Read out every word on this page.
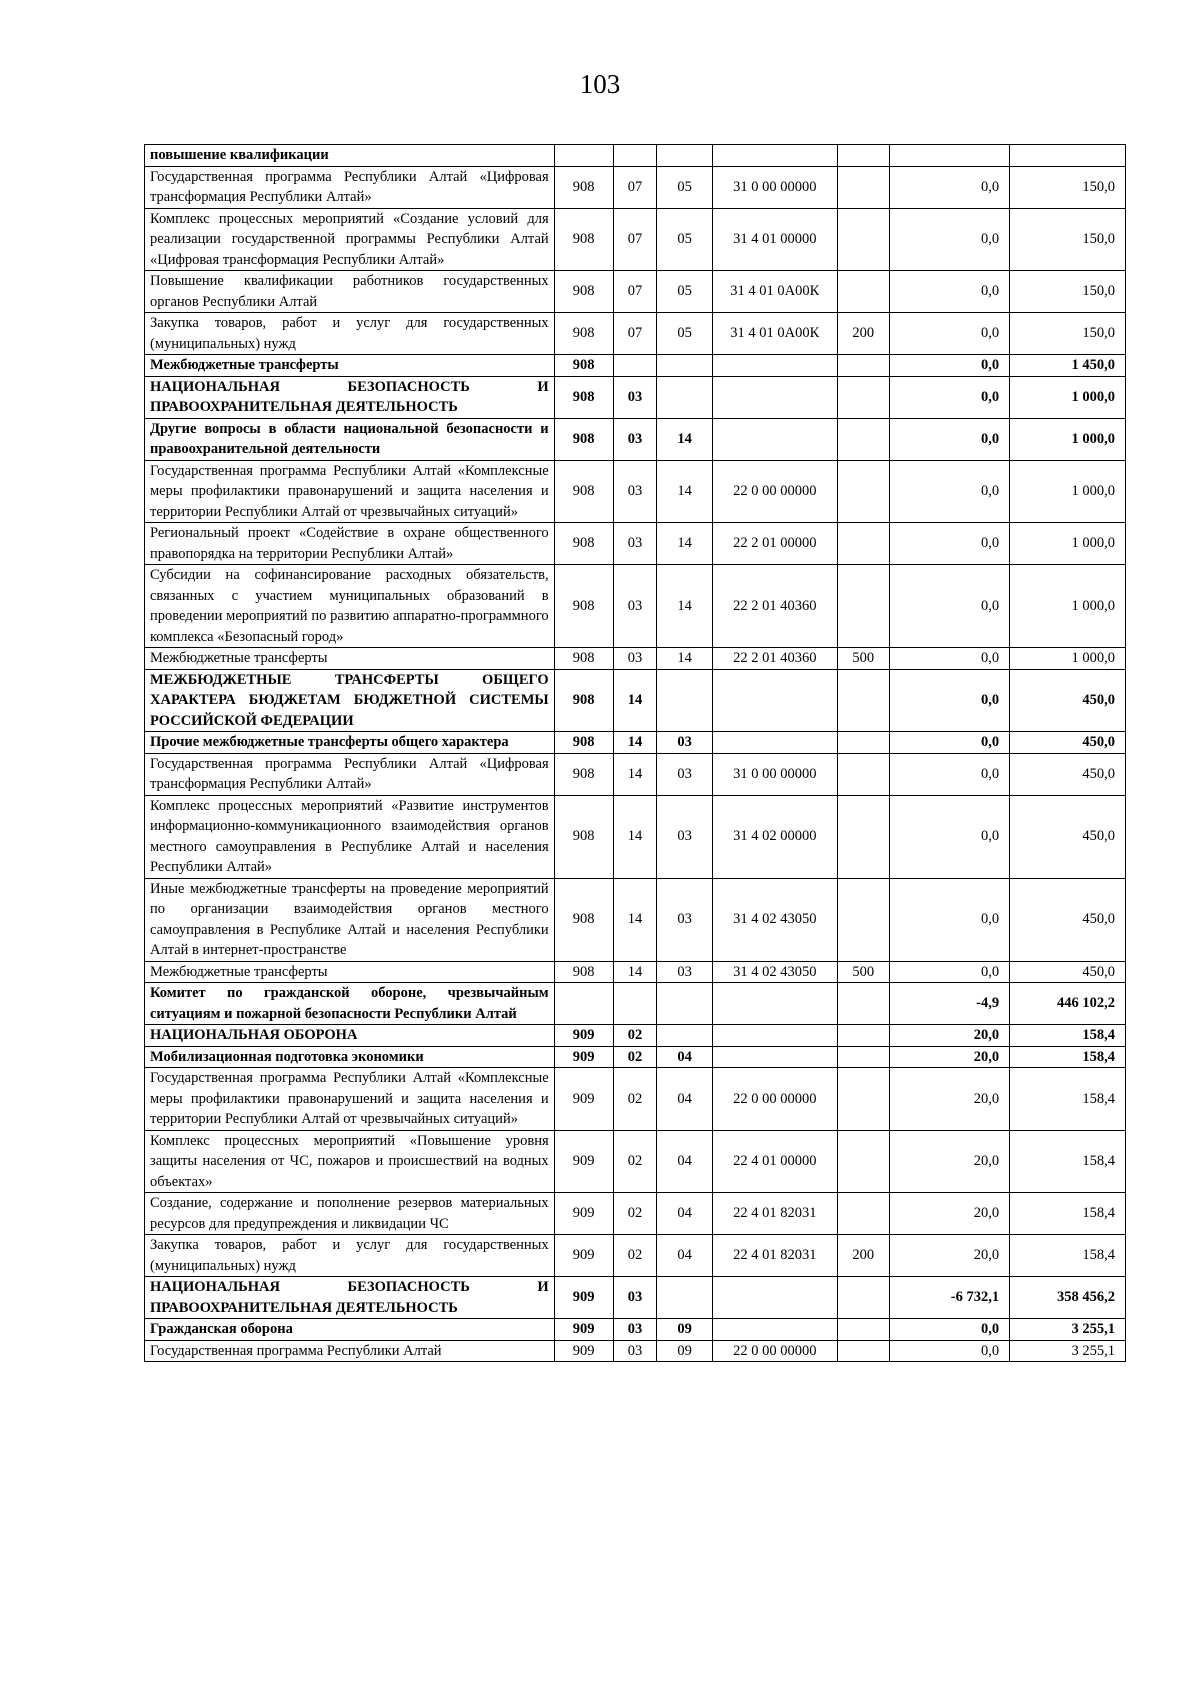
103
повышение квалификации							
Государственная программа Республики Алтай «Цифровая трансформация Республики Алтай»	908	07	05	31 0 00 00000		0,0	150,0
Комплекс процессных мероприятий «Создание условий для реализации государственной программы Республики Алтай «Цифровая трансформация Республики Алтай»	908	07	05	31 4 01 00000		0,0	150,0
Повышение квалификации работников государственных органов Республики Алтай	908	07	05	31 4 01 0А00К		0,0	150,0
Закупка товаров, работ и услуг для государственных (муниципальных) нужд	908	07	05	31 4 01 0А00К	200	0,0	150,0
Межбюджетные трансферты	908					0,0	1 450,0
НАЦИОНАЛЬНАЯ БЕЗОПАСНОСТЬ И ПРАВООХРАНИТЕЛЬНАЯ ДЕЯТЕЛЬНОСТЬ	908	03				0,0	1 000,0
Другие вопросы в области национальной безопасности и правоохранительной деятельности	908	03	14			0,0	1 000,0
Государственная программа Республики Алтай «Комплексные меры профилактики правонарушений и защита населения и территории Республики Алтай от чрезвычайных ситуаций»	908	03	14	22 0 00 00000		0,0	1 000,0
Региональный проект «Содействие в охране общественного правопорядка на территории Республики Алтай»	908	03	14	22 2 01 00000		0,0	1 000,0
Субсидии на софинансирование расходных обязательств, связанных с участием муниципальных образований в проведении мероприятий по развитию аппаратно-программного комплекса «Безопасный город»	908	03	14	22 2 01 40360		0,0	1 000,0
Межбюджетные трансферты	908	03	14	22 2 01 40360	500	0,0	1 000,0
МЕЖБЮДЖЕТНЫЕ ТРАНСФЕРТЫ ОБЩЕГО ХАРАКТЕРА БЮДЖЕТАМ БЮДЖЕТНОЙ СИСТЕМЫ РОССИЙСКОЙ ФЕДЕРАЦИИ	908	14				0,0	450,0
Прочие межбюджетные трансферты общего характера	908	14	03			0,0	450,0
Государственная программа Республики Алтай «Цифровая трансформация Республики Алтай»	908	14	03	31 0 00 00000		0,0	450,0
Комплекс процессных мероприятий «Развитие инструментов информационно-коммуникационного взаимодействия органов местного самоуправления в Республике Алтай и населения Республики Алтай»	908	14	03	31 4 02 00000		0,0	450,0
Иные межбюджетные трансферты на проведение мероприятий по организации взаимодействия органов местного самоуправления в Республике Алтай и населения Республики Алтай в интернет-пространстве	908	14	03	31 4 02 43050		0,0	450,0
Межбюджетные трансферты	908	14	03	31 4 02 43050	500	0,0	450,0
Комитет по гражданской обороне, чрезвычайным ситуациям и пожарной безопасности Республики Алтай						-4,9	446 102,2
НАЦИОНАЛЬНАЯ ОБОРОНА	909	02				20,0	158,4
Мобилизационная подготовка экономики	909	02	04			20,0	158,4
Государственная программа Республики Алтай «Комплексные меры профилактики правонарушений и защита населения и территории Республики Алтай от чрезвычайных ситуаций»	909	02	04	22 0 00 00000		20,0	158,4
Комплекс процессных мероприятий «Повышение уровня защиты населения от ЧС, пожаров и происшествий на водных объектах»	909	02	04	22 4 01 00000		20,0	158,4
Создание, содержание и пополнение резервов материальных ресурсов для предупреждения и ликвидации ЧС	909	02	04	22 4 01 82031		20,0	158,4
Закупка товаров, работ и услуг для государственных (муниципальных) нужд	909	02	04	22 4 01 82031	200	20,0	158,4
НАЦИОНАЛЬНАЯ БЕЗОПАСНОСТЬ И ПРАВООХРАНИТЕЛЬНАЯ ДЕЯТЕЛЬНОСТЬ	909	03				-6 732,1	358 456,2
Гражданская оборона	909	03	09			0,0	3 255,1
Государственная программа Республики Алтай	909	03	09	22 0 00 00000		0,0	3 255,1
